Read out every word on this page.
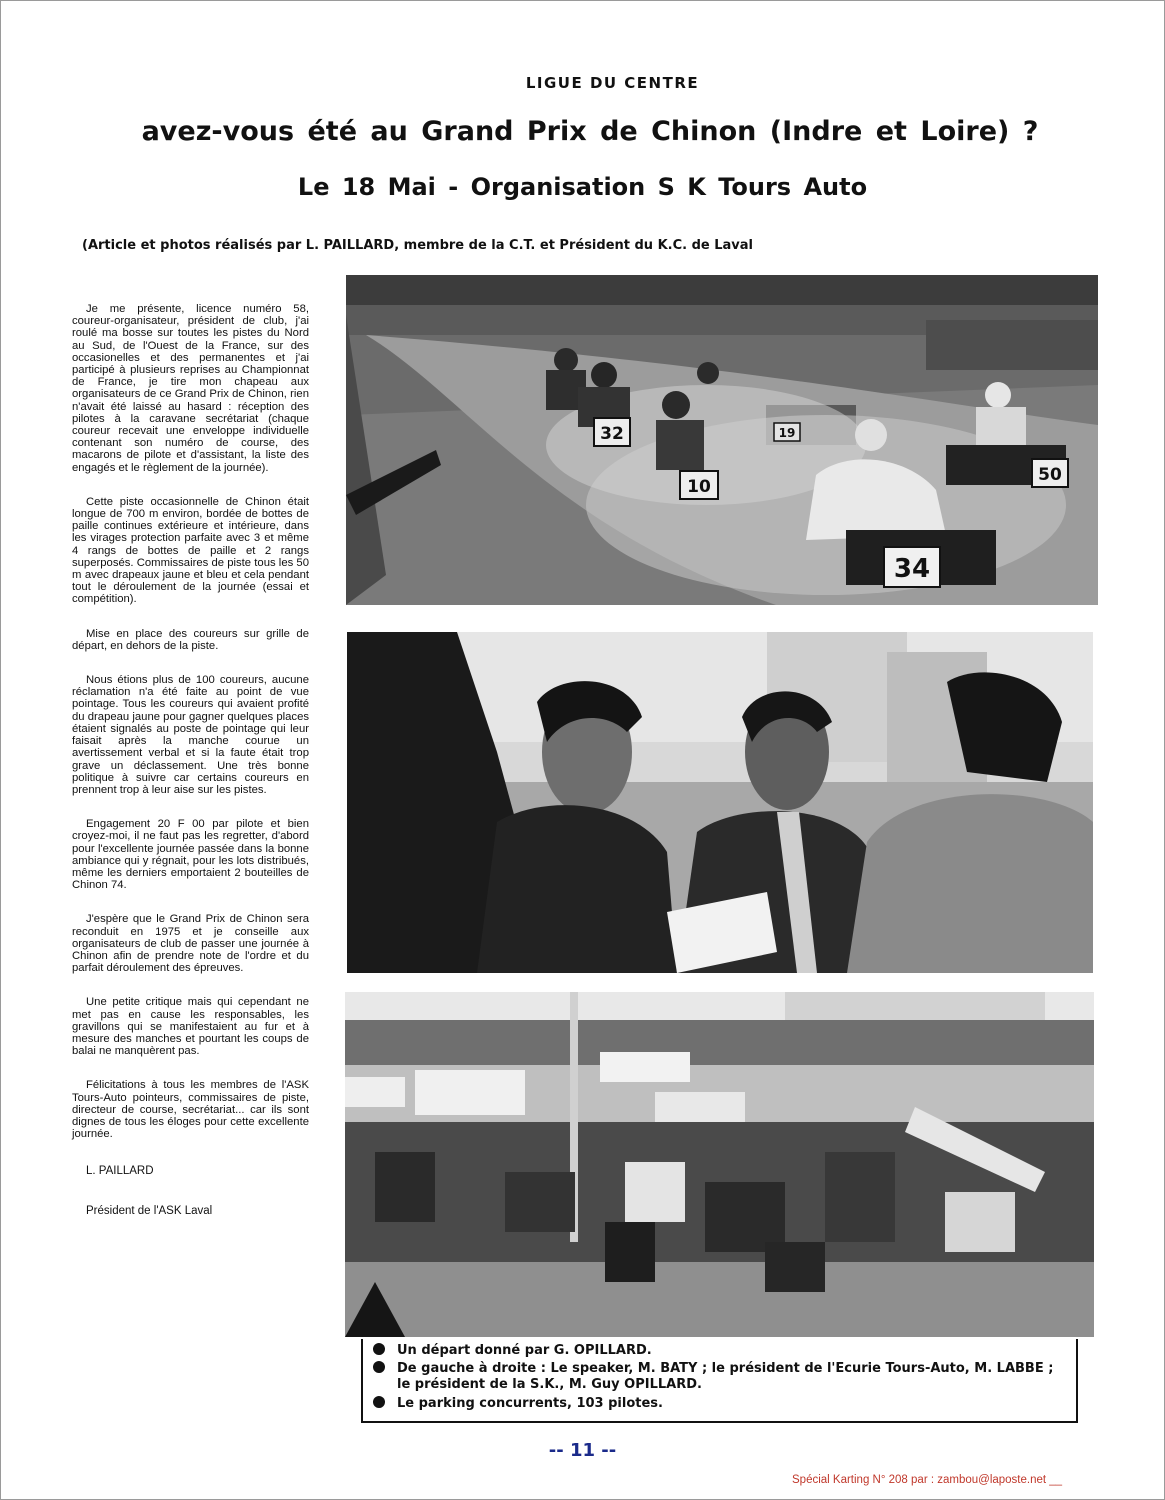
LIGUE DU CENTRE
avez-vous été au Grand Prix de Chinon (Indre et Loire) ?
Le 18 Mai - Organisation S K Tours Auto
(Article et photos réalisés par L. PAILLARD, membre de la C.T. et Président du K.C. de Laval

Je me présente, licence numéro 58, coureur-organisateur, président de club, j'ai roulé ma bosse sur toutes les pistes du Nord au Sud, de l'Ouest de la France, sur des occasionelles et des permanentes et j'ai participé à plusieurs reprises au Championnat de France, je tire mon chapeau aux organisateurs de ce Grand Prix de Chinon, rien n'avait été laissé au hasard : réception des pilotes à la caravane secrétariat (chaque coureur recevait une enveloppe individuelle contenant son numéro de course, des macarons de pilote et d'assistant, la liste des engagés et le règlement de la journée).

Cette piste occasionnelle de Chinon était longue de 700 m environ, bordée de bottes de paille continues extérieure et intérieure, dans les virages protection parfaite avec 3 et même 4 rangs de bottes de paille et 2 rangs superposés. Commissaires de piste tous les 50 m avec drapeaux jaune et bleu et cela pendant tout le déroulement de la journée (essai et compétition).

Mise en place des coureurs sur grille de départ, en dehors de la piste.

Nous étions plus de 100 coureurs, aucune réclamation n'a été faite au point de vue pointage. Tous les coureurs qui avaient profité du drapeau jaune pour gagner quelques places étaient signalés au poste de pointage qui leur faisait après la manche courue un avertissement verbal et si la faute était trop grave un déclassement. Une très bonne politique à suivre car certains coureurs en prennent trop à leur aise sur les pistes.

Engagement 20 F 00 par pilote et bien croyez-moi, il ne faut pas les regretter, d'abord pour l'excellente journée passée dans la bonne ambiance qui y régnait, pour les lots distribués, même les derniers emportaient 2 bouteilles de Chinon 74.

J'espère que le Grand Prix de Chinon sera reconduit en 1975 et je conseille aux organisateurs de club de passer une journée à Chinon afin de prendre note de l'ordre et du parfait déroulement des épreuves.

Une petite critique mais qui cependant ne met pas en cause les responsables, les gravillons qui se manifestaient au fur et à mesure des manches et pourtant les coups de balai ne manquèrent pas.

Félicitations à tous les membres de l'ASK Tours-Auto pointeurs, commissaires de piste, directeur de course, secrétariat... car ils sont dignes de tous les éloges pour cette excellente journée.

L. PAILLARD

Président de l'ASK Laval

32	19
10
50
34
Un départ donné par G. OPILLARD.
De gauche à droite : Le speaker, M. BATY ; le président de l'Ecurie Tours-Auto, M. LABBE ; le président de la S.K., M. Guy OPILLARD.
Le parking concurrents, 103 pilotes.
-- 11 --
Spécial Karting N° 208 par : zambou@laposte.net __
